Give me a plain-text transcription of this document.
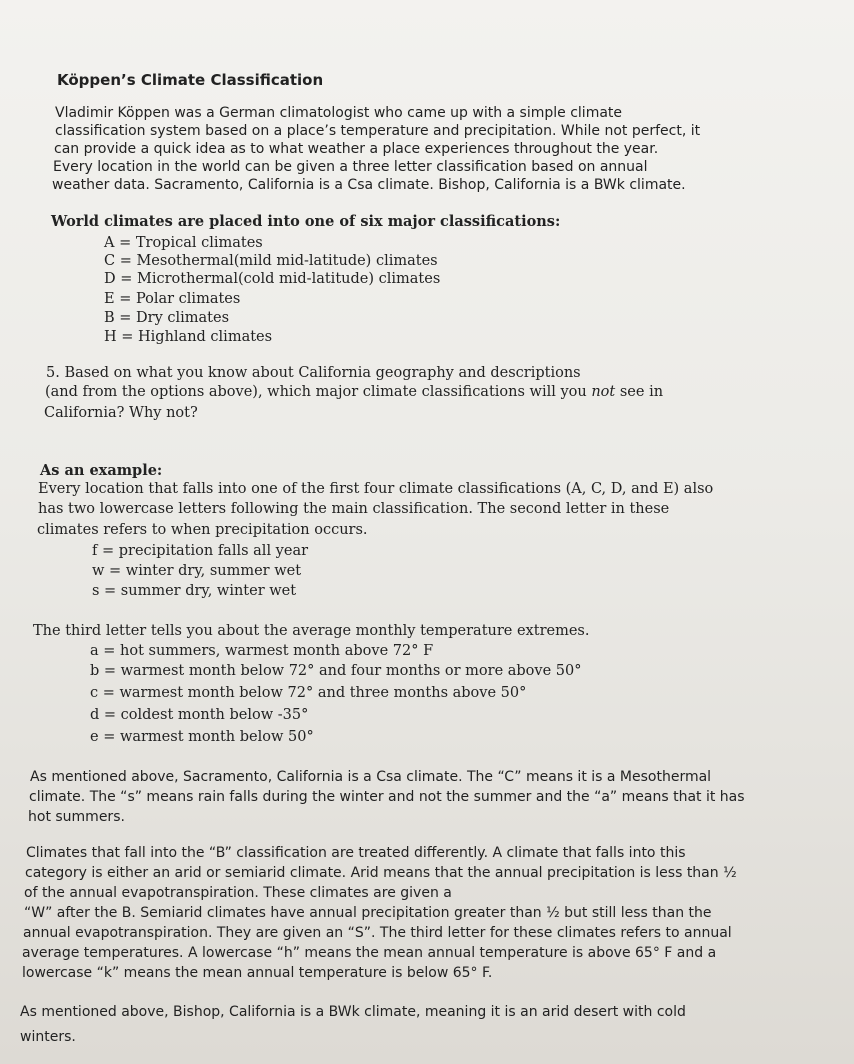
Köppen’s Climate Classification
Vladimir Köppen was a German climatologist who came up with a simple climate
classification system based on a place’s temperature and precipitation. While not perfect, it
can provide a quick idea as to what weather a place experiences throughout the year.
Every location in the world can be given a three letter classification based on annual
weather data. Sacramento, California is a Csa climate. Bishop, California is a BWk climate.
World climates are placed into one of six major classifications:
A = Tropical climates
C = Mesothermal(mild mid-latitude) climates
D = Microthermal(cold mid-latitude) climates
E = Polar climates
B = Dry climates
H = Highland climates
5. Based on what you know about California geography and descriptions
(and from the options above), which major climate classifications will you not see in
California? Why not?
As an example:
Every location that falls into one of the first four climate classifications (A, C, D, and E) also
has two lowercase letters following the main classification. The second letter in these
climates refers to when precipitation occurs.
f = precipitation falls all year
w = winter dry, summer wet
s = summer dry, winter wet
The third letter tells you about the average monthly temperature extremes.
a = hot summers, warmest month above 72° F
b = warmest month below 72° and four months or more above 50°
c = warmest month below 72° and three months above 50°
d = coldest month below -35°
e = warmest month below 50°
As mentioned above, Sacramento, California is a Csa climate. The “C” means it is a Mesothermal
climate. The “s” means rain falls during the winter and not the summer and the “a” means that it has
hot summers.
Climates that fall into the “B” classification are treated differently. A climate that falls into this
category is either an arid or semiarid climate. Arid means that the annual precipitation is less than ½
of the annual evapotranspiration. These climates are given a
“W” after the B. Semiarid climates have annual precipitation greater than ½ but still less than the
annual evapotranspiration. They are given an “S”. The third letter for these climates refers to annual
average temperatures. A lowercase “h” means the mean annual temperature is above 65° F and a
lowercase “k” means the mean annual temperature is below 65° F.
As mentioned above, Bishop, California is a BWk climate, meaning it is an arid desert with cold
winters.
